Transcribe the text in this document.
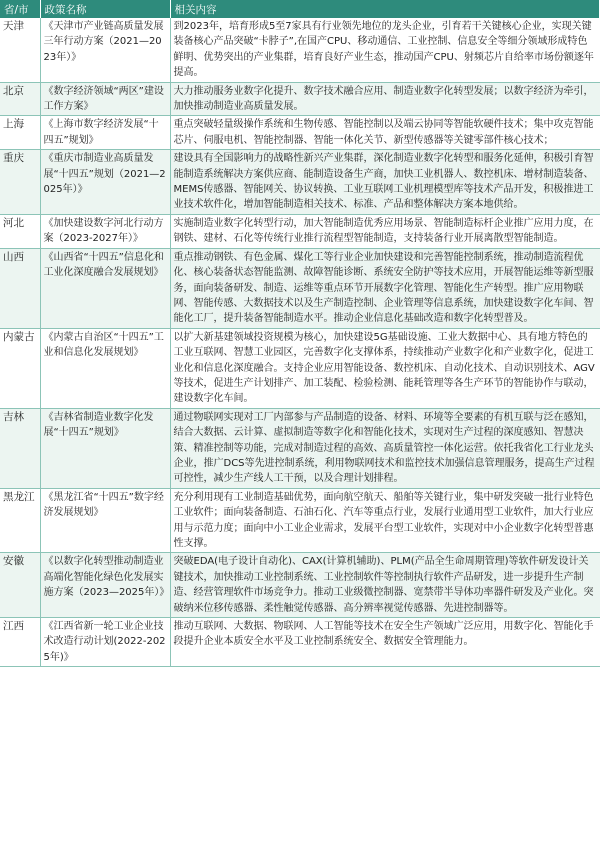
省/市	政策名称	相关内容
天津	《天津市产业链高质量发展三年行动方案（2021—2023年）》	到2023年，培育形成5至7家具有行业领先地位的龙头企业，引育若干关键核心企业，实现关键装备核心产品突破“卡脖子”,在国产CPU、移动通信、工业控制、信息安全等细分领域形成特色鲜明、优势突出的产业集群，培育良好产业生态，推动国产CPU、射频芯片自给率市场份额逐年提高。
北京	《数字经济领域“两区”建设工作方案》	大力推动服务业数字化提升、数字技术融合应用、制造业数字化转型发展；以数字经济为牵引，加快推动制造业高质量发展。
上海	《上海市数字经济发展“十四五”规划》	重点突破轻量级操作系统和生物传感、智能控制以及端云协同等智能软硬件技术；集中攻克智能芯片、伺服电机、智能控制器、智能一体化关节、新型传感器等关键零部件核心技术；
重庆	《重庆市制造业高质量发展“十四五”规划（2021—2025年）》	建设具有全国影响力的战略性新兴产业集群，深化制造业数字化转型和服务化延伸，积极引育智能制造系统解决方案供应商、能制造设备生产商，加快工业机器人、数控机床、增材制造装备、MEMS传感器、智能网关、协议转换、工业互联网工业机理模型库等技术产品开发，积极推进工业技术软件化，增加智能制造相关技术、标准、产品和整体解决方案本地供给。
河北	《加快建设数字河北行动方案（2023-2027年）》	实施制造业数字化转型行动，加大智能制造优秀应用场景、智能制造标杆企业推广应用力度，在钢铁、建材、石化等传统行业推行流程型智能制造，支持装备行业开展离散型智能制造。
山西	《山西省“十四五”信息化和工业化深度融合发展规划》	重点推动钢铁、有色金属、煤化工等行业企业加快建设和完善智能控制系统，推动制造流程优化、核心装备状态智能监测、故障智能诊断、系统安全防护等技术应用，开展智能运维等新型服务，面向装备研发、制造、运维等重点环节开展数字化管理、智能化生产转型。推广应用物联网、智能传感、大数据技术以及生产制造控制、企业管理等信息系统，加快建设数字化车间、智能化工厂，提升装备智能制造水平。推动企业信息化基础改造和数字化转型普及。
内蒙古	《内蒙古自治区“十四五”工业和信息化发展规划》	以扩大新基建领域投资规模为核心，加快建设5G基础设施、工业大数据中心、具有地方特色的工业互联网、智慧工业园区，完善数字化支撑体系，持续推动产业数字化和产业数字化，促进工业化和信息化深度融合。支持企业应用智能设备、数控机床、自动化技术、自动识别技术、AGV等技术，促进生产计划排产、加工装配、检验检测、能耗管理等各生产环节的智能协作与联动，建设数字化车间。
吉林	《吉林省制造业数字化发展“十四五”规划》	通过物联网实现对工厂内部参与产品制造的设备、材料、环境等全要素的有机互联与泛在感知，结合大数据、云计算、虚拟制造等数字化和智能化技术，实现对生产过程的深度感知、智慧决策、精准控制等功能，完成对制造过程的高效、高质量管控一体化运营。依托我省化工行业龙头企业，推广DCS等先进控制系统，利用物联网技术和监控技术加强信息管理服务，提高生产过程可控性，减少生产线人工干预，以及合理计划排程。
黑龙江	《黑龙江省“十四五”数字经济发展规划》	充分利用现有工业制造基础优势，面向航空航天、船舶等关键行业，集中研发突破一批行业特色工业软件；面向装备制造、石油石化、汽车等重点行业，发展行业通用型工业软件，加大行业应用与示范力度；面向中小工业企业需求，发展平台型工业软件，实现对中小企业数字化转型普惠性支撑。
安徽	《以数字化转型推动制造业高端化智能化绿色化发展实施方案（2023—2025年）》	突破EDA(电子设计自动化)、CAX(计算机辅助)、PLM(产品全生命周期管理)等软件研发设计关键技术，加快推动工业控制系统、工业控制软件等控制执行软件产品研发，进一步提升生产制造、经营管理软件市场竞争力。推动工业级微控制器、宽禁带半导体功率器件研发及产业化。突破纳米位移传感器、柔性触觉传感器、高分辨率视觉传感器、先进控制器等。
江西	《江西省新一轮工业企业技术改造行动计划(2022-2025年)》	推动互联网、大数据、物联网、人工智能等技术在安全生产领域广泛应用，用数字化、智能化手段提升企业本质安全水平及工业控制系统安全、数据安全管理能力。
